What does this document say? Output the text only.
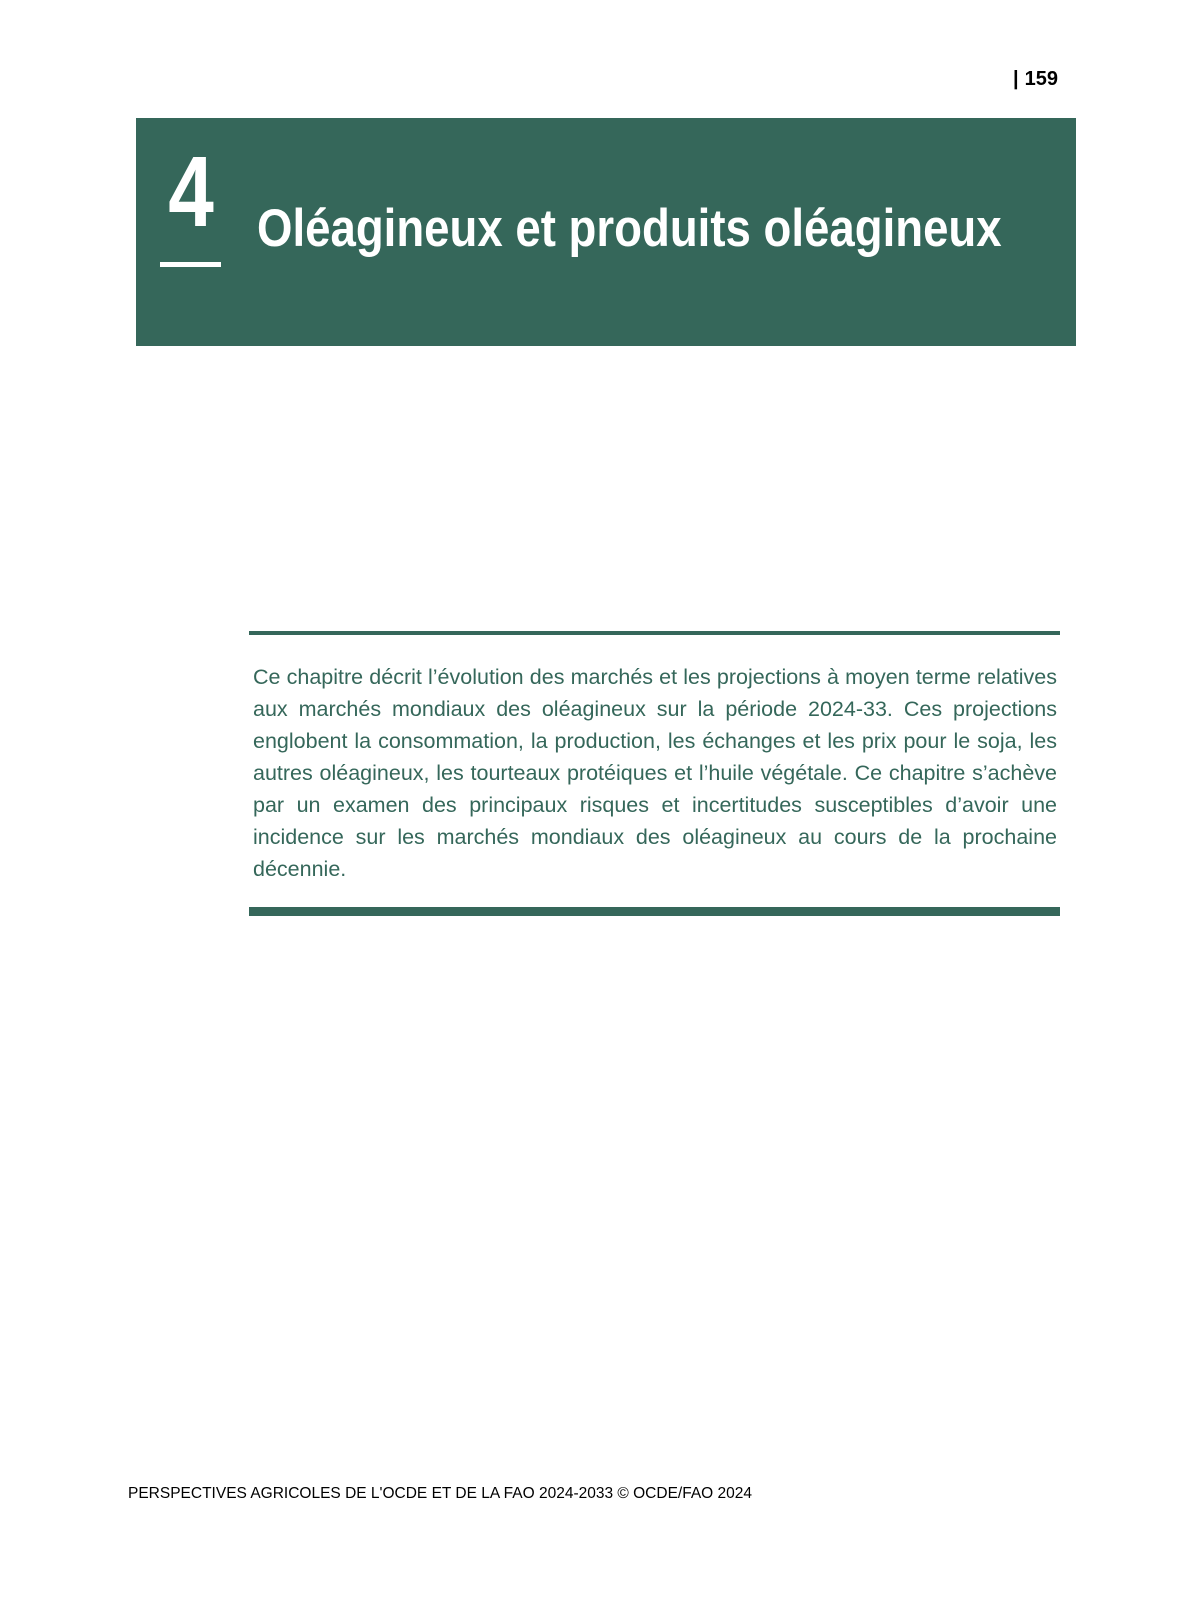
| 159
4 Oléagineux et produits oléagineux

Ce chapitre décrit l’évolution des marchés et les projections à moyen terme relatives aux marchés mondiaux des oléagineux sur la période 2024-33. Ces projections englobent la consommation, la production, les échanges et les prix pour le soja, les autres oléagineux, les tourteaux protéiques et l’huile végétale. Ce chapitre s’achève par un examen des principaux risques et incertitudes susceptibles d’avoir une incidence sur les marchés mondiaux des oléagineux au cours de la prochaine décennie.

PERSPECTIVES AGRICOLES DE L'OCDE ET DE LA FAO 2024-2033 © OCDE/FAO 2024
